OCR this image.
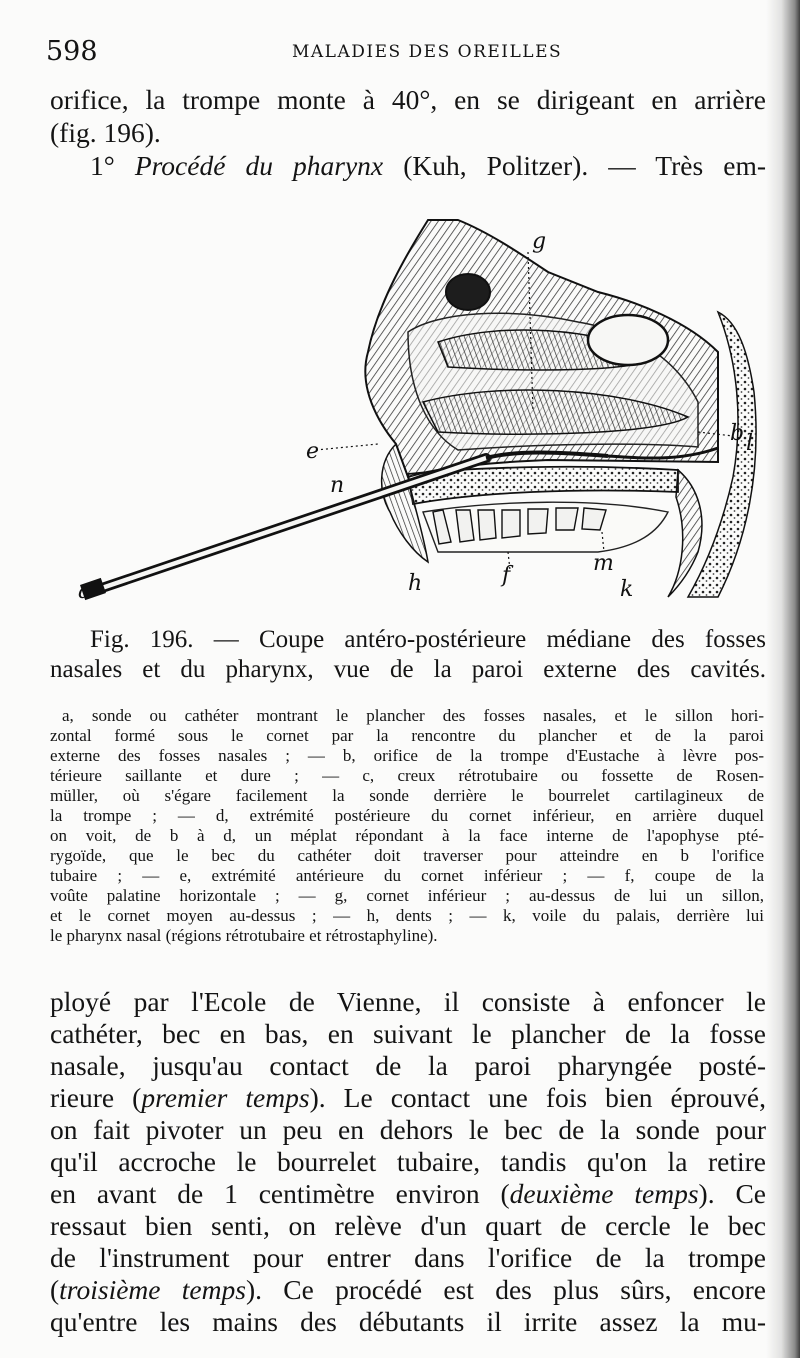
598	MALADIES DES OREILLES
orifice, la trompe monte à 40°, en se dirigeant en arrière
(fig. 196).
1° Procédé du pharynx (Kuh, Politzer). — Très em-
g
e
n
b l
h	f	m
k
a
Fig. 196. — Coupe antéro-postérieure médiane des fosses
nasales et du pharynx, vue de la paroi externe des cavités.
a, sonde ou cathéter montrant le plancher des fosses nasales, et le sillon hori-
zontal formé sous le cornet par la rencontre du plancher et de la paroi
externe des fosses nasales ; — b, orifice de la trompe d'Eustache à lèvre pos-
térieure saillante et dure ; — c, creux rétrotubaire ou fossette de Rosen-
müller, où s'égare facilement la sonde derrière le bourrelet cartilagineux de
la trompe ; — d, extrémité postérieure du cornet inférieur, en arrière duquel
on voit, de b à d, un méplat répondant à la face interne de l'apophyse pté-
rygoïde, que le bec du cathéter doit traverser pour atteindre en b l'orifice
tubaire ; — e, extrémité antérieure du cornet inférieur ; — f, coupe de la
voûte palatine horizontale ; — g, cornet inférieur ; au-dessus de lui un sillon,
et le cornet moyen au-dessus ; — h, dents ; — k, voile du palais, derrière lui
le pharynx nasal (régions rétrotubaire et rétrostaphyline).
ployé par l'Ecole de Vienne, il consiste à enfoncer le
cathéter, bec en bas, en suivant le plancher de la fosse
nasale, jusqu'au contact de la paroi pharyngée posté-
rieure (premier temps). Le contact une fois bien éprouvé,
on fait pivoter un peu en dehors le bec de la sonde pour
qu'il accroche le bourrelet tubaire, tandis qu'on la retire
en avant de 1 centimètre environ (deuxième temps). Ce
ressaut bien senti, on relève d'un quart de cercle le bec
de l'instrument pour entrer dans l'orifice de la trompe
(troisième temps). Ce procédé est des plus sûrs, encore
qu'entre les mains des débutants il irrite assez la mu-
